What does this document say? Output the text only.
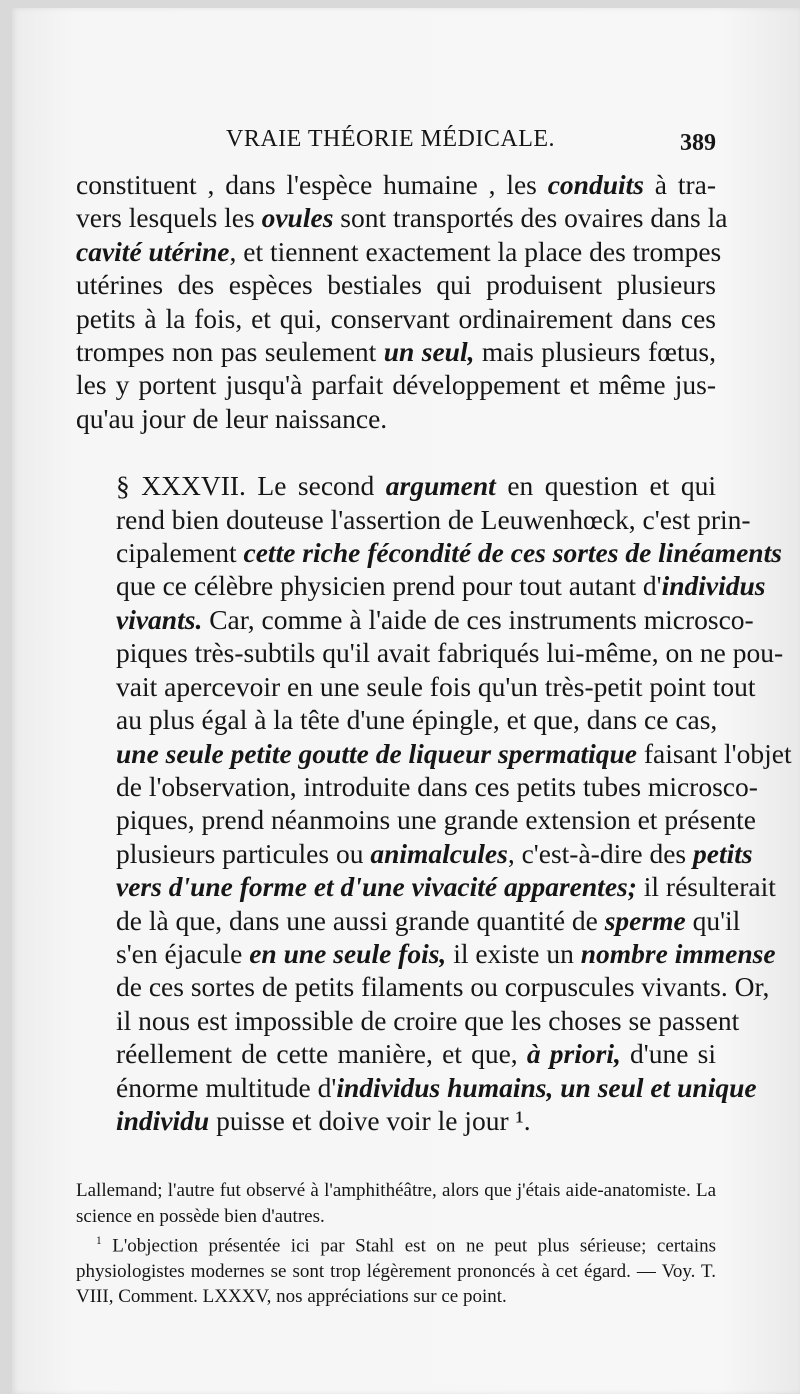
VRAIE THÉORIE MÉDICALE.	389

constituent , dans l'espèce humaine , les conduits à tra-
vers lesquels les ovules sont transportés des ovaires dans la
cavité utérine, et tiennent exactement la place des trompes
utérines des espèces bestiales qui produisent plusieurs
petits à la fois, et qui, conservant ordinairement dans ces
trompes non pas seulement un seul, mais plusieurs fœtus,
les y portent jusqu'à parfait développement et même jus-
qu'au jour de leur naissance.

§ XXXVII. Le second argument en question et qui
rend bien douteuse l'assertion de Leuwenhœck, c'est prin-
cipalement cette riche fécondité de ces sortes de linéaments
que ce célèbre physicien prend pour tout autant d'individus
vivants. Car, comme à l'aide de ces instruments microsco-
piques très-subtils qu'il avait fabriqués lui-même, on ne pou-
vait apercevoir en une seule fois qu'un très-petit point tout
au plus égal à la tête d'une épingle, et que, dans ce cas,
une seule petite goutte de liqueur spermatique faisant l'objet
de l'observation, introduite dans ces petits tubes microsco-
piques, prend néanmoins une grande extension et présente
plusieurs particules ou animalcules, c'est-à-dire des petits
vers d'une forme et d'une vivacité apparentes; il résulterait
de là que, dans une aussi grande quantité de sperme qu'il
s'en éjacule en une seule fois, il existe un nombre immense
de ces sortes de petits filaments ou corpuscules vivants. Or,
il nous est impossible de croire que les choses se passent
réellement de cette manière, et que, à priori, d'une si
énorme multitude d'individus humains, un seul et unique
individu puisse et doive voir le jour ¹.

Lallemand; l'autre fut observé à l'amphithéâtre, alors que j'étais aide-anatomiste. La science en possède bien d'autres.

$^1$ L'objection présentée ici par Stahl est on ne peut plus sérieuse; certains physiologistes modernes se sont trop légèrement prononcés à cet égard. — Voy. T. VIII, Comment. LXXXV, nos appréciations sur ce point.
